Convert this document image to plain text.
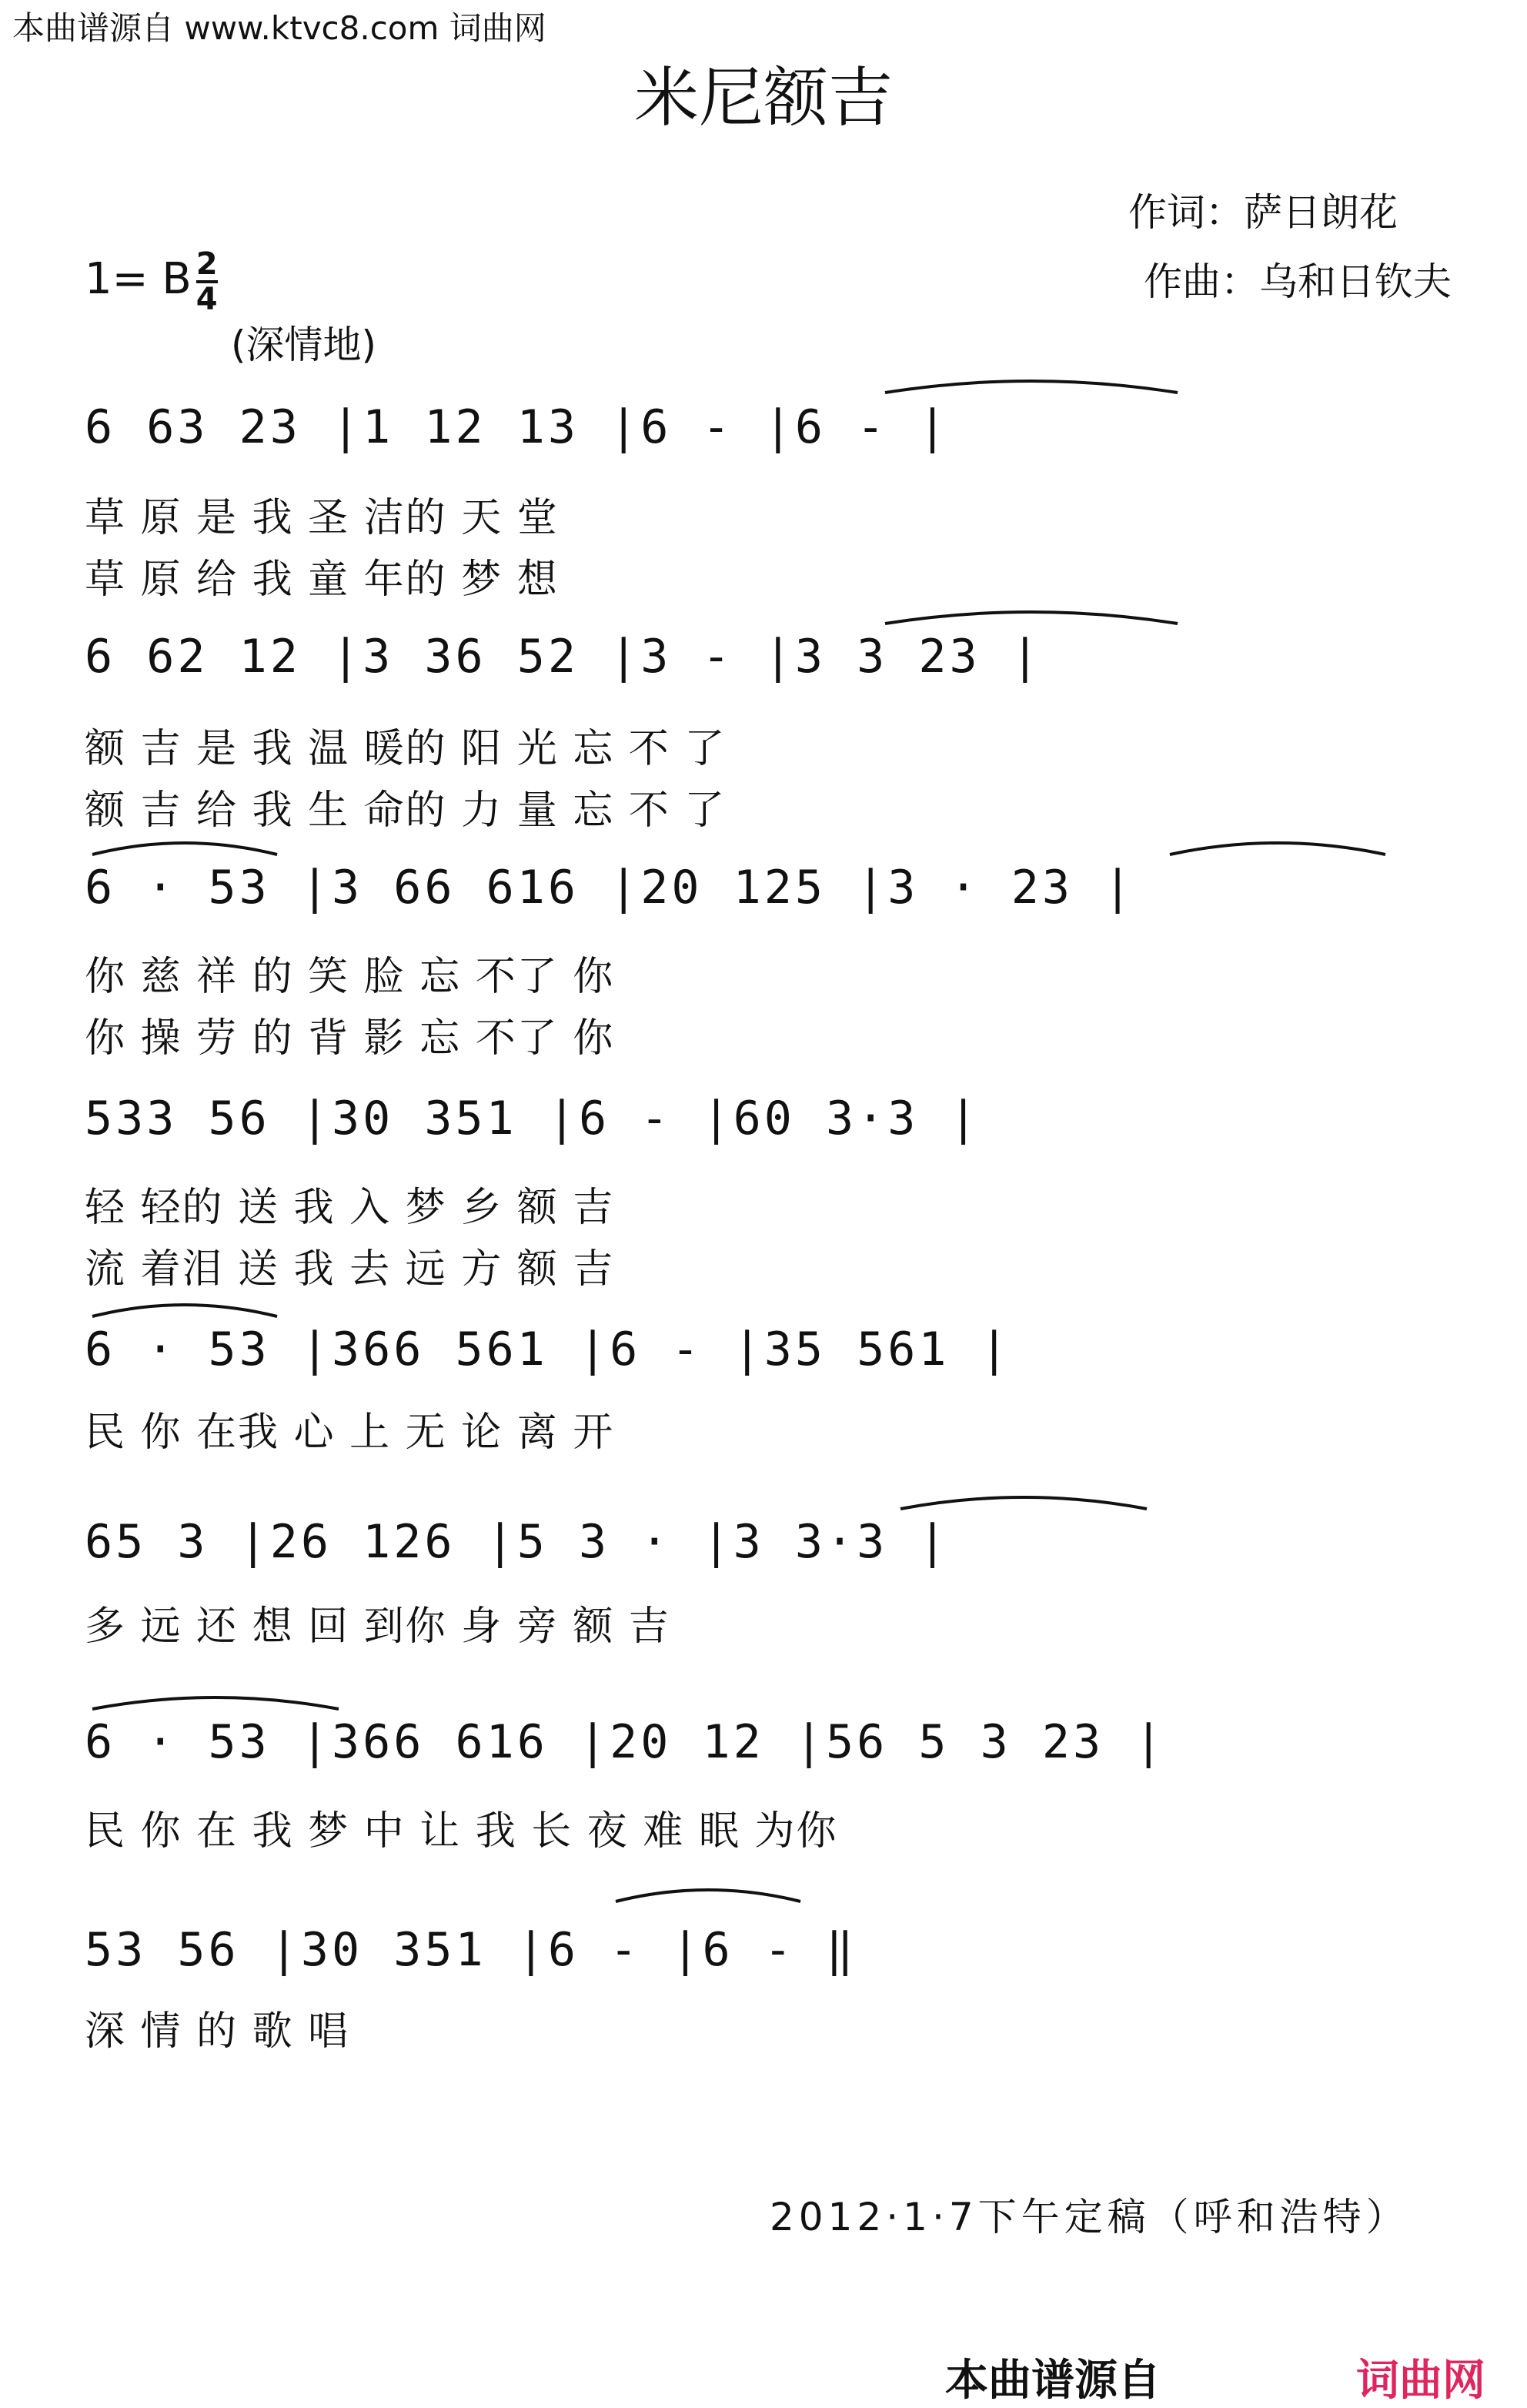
本曲谱源自 www.ktvc8.com 词曲网
米尼额吉
作词：萨日朗花
作曲：乌和日钦夫
1= B $\frac{2}{4}$
(深情地)
6 63 23 |1 12 13 |6 - |6 - |
草 原 是 我 圣 洁的 天 堂
草 原 给 我 童 年的 梦 想
6 62 12 |3 36 52 |3 - |3 3 23 |
额 吉 是 我 温 暖的 阳 光 忘 不 了
额 吉 给 我 生 命的 力 量 忘 不 了
6 · 53 |3 66 616 |20 125 |3 · 23 |
你 慈 祥 的 笑 脸 忘 不了 你
你 操 劳 的 背 影 忘 不了 你
533 56 |30 351 |6 - |60 3·3 |
轻 轻的 送 我 入 梦 乡 额 吉
流 着泪 送 我 去 远 方 额 吉
6 · 53 |366 561 |6 - |35 561 |
民 你 在我 心 上 无 论 离 开
65 3 |26 126 |5 3 · |3 3·3 |
多 远 还 想 回 到你 身 旁 额 吉
6 · 53 |366 616 |20 12 |56 5 3 23 |
民 你 在 我 梦 中 让 我 长 夜 难 眠 为你
53 56 |30 351 |6 - |6 - ‖
深 情 的 歌 唱
2012·1·7下午定稿（呼和浩特）
本曲谱源自	词曲网
